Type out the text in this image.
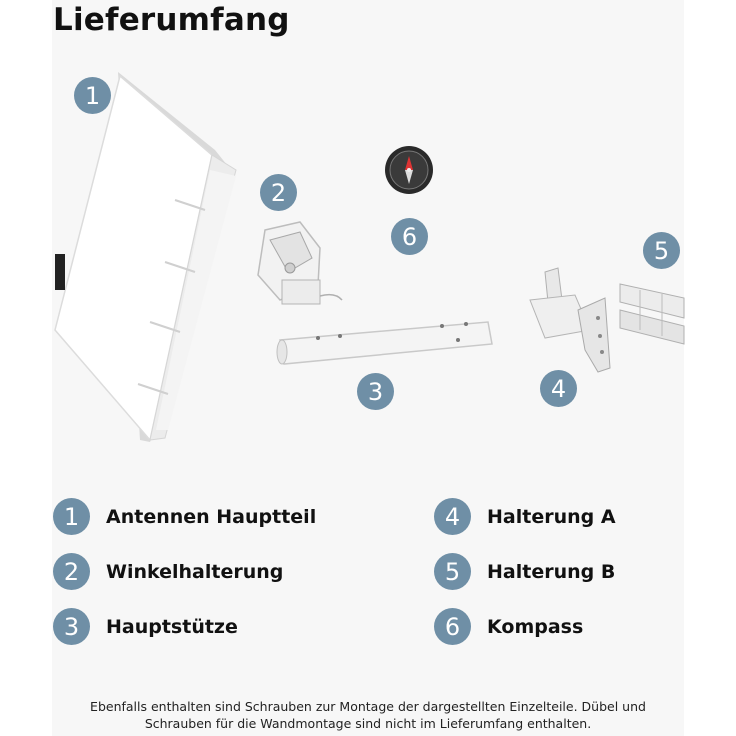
Lieferumfang
1
2
3	4
5
6
1	Antennen Hauptteil
2	Winkelhalterung
3	Hauptstütze
4	Halterung A
5	Halterung B
6	Kompass
Ebenfalls enthalten sind Schrauben zur Montage der dargestellten Einzelteile. Dübel und
Schrauben für die Wandmontage sind nicht im Lieferumfang enthalten.
